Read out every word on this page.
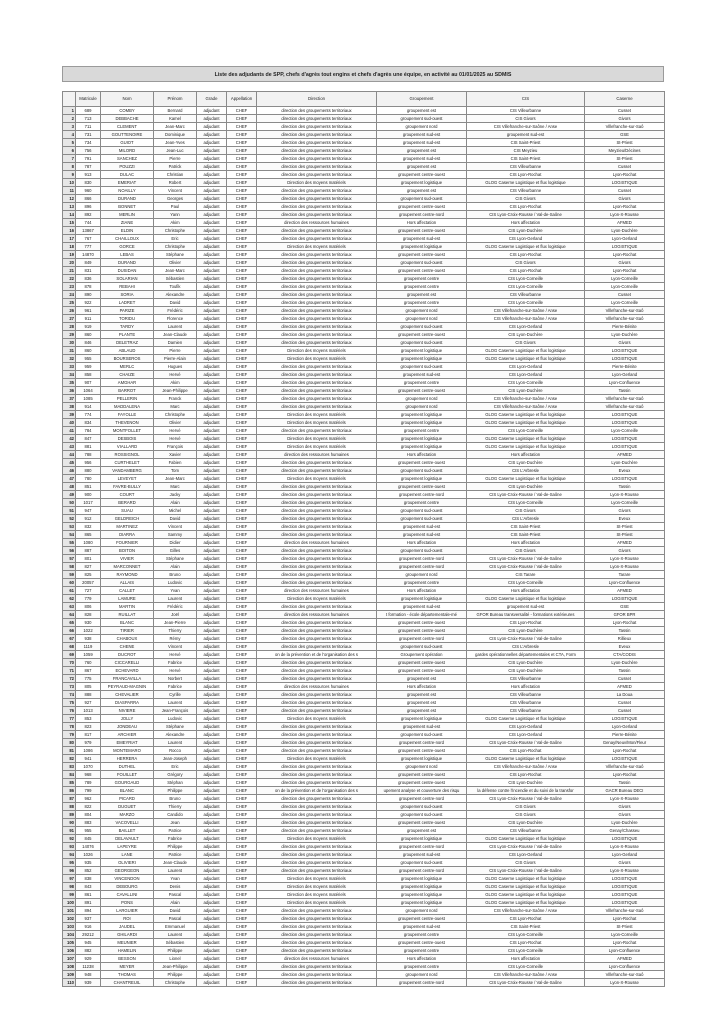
Liste des adjudants de SPP, chefs d'agrès tout engins et chefs d'agrès une équipe, en activité au 01/01/2025 au SDMIS
	Matricule	Nom	Prénom	Grade	Appellation	Direction	Groupement	CIS	Caserne
1	689	COMBY	Bernard	adjudant	CHEF	direction des groupements territoriaux	groupement est	CIS Villeurbanne	Cusset
2	713	DEBBACHE	Kamel	adjudant	CHEF	direction des groupements territoriaux	groupement sud-ouest	CIS Givors	Givors
3	711	CLEMENT	Jean-Marc	adjudant	CHEF	direction des groupements territoriaux	groupement nord	CIS Villefranche-sur-Saône / Anse	Villefranche-sur-Saô
4	731	GOUTTENOIRE	Dominique	adjudant	CHEF	direction des groupements territoriaux	groupement sud-est	groupement sud-est	GSE
5	734	GUIOT	Jean-Yves	adjudant	CHEF	direction des groupements territoriaux	groupement sud-est	CIS Saint-Priest	St-Priest
6	756	MILORD	Jean-Luc	adjudant	CHEF	direction des groupements territoriaux	groupement est	CIS Meyzieu	Meyzieu/Décines
7	791	SANCHEZ	Pierre	adjudant	CHEF	direction des groupements territoriaux	groupement sud-est	CIS Saint-Priest	St-Priest
8	787	POUZZI	Patrick	adjudant	CHEF	direction des groupements territoriaux	groupement est	CIS Villeurbanne	Cusset
9	913	DULAC	Christian	adjudant	CHEF	direction des groupements territoriaux	groupement centre-ouest	CIS Lyon-Rochat	Lyon-Rochat
10	830	EMERIAT	Robert	adjudant	CHEF	Direction des moyens matériels	groupement logistique	GLOG Caserne Logistique et flux logistique	LOGISTIQUE
11	960	NOAILLY	Vincent	adjudant	CHEF	direction des groupements territoriaux	groupement est	CIS Villeurbanne	Cusset
12	866	DURAND	Georges	adjudant	CHEF	direction des groupements territoriaux	groupement sud-ouest	CIS Givors	Givors
13	896	BONNET	Paul	adjudant	CHEF	direction des groupements territoriaux	groupement centre-ouest	CIS Lyon-Rochat	Lyon-Rochat
14	892	MERLIN	Yann	adjudant	CHEF	direction des groupements territoriaux	groupement centre-nord	CIS Lyon-Croix-Rousse / Val-de-Saône	Lyon-X-Rousse
15	744	ZIANE	Akim	adjudant	CHEF	direction des ressources humaines	Hors affectation	Hors affectation	AFMED
16	13867	ELDIN	Christophe	adjudant	CHEF	direction des groupements territoriaux	groupement centre-ouest	CIS Lyon-Duchère	Lyon-Duchère
17	767	CHAILLOUX	Eric	adjudant	CHEF	direction des groupements territoriaux	groupement sud-est	CIS Lyon-Gerland	Lyon-Gerland
18	777	GORCE	Christophe	adjudant	CHEF	Direction des moyens matériels	groupement logistique	GLOG Caserne Logistique et flux logistique	LOGISTIQUE
19	14870	LEBAS	Stéphane	adjudant	CHEF	direction des groupements territoriaux	groupement centre-ouest	CIS Lyon-Rochat	Lyon-Rochat
20	849	DURAND	Olivier	adjudant	CHEF	direction des groupements territoriaux	groupement sud-ouest	CIS Givors	Givors
21	831	DUSIDAN	Jean-Marc	adjudant	CHEF	direction des groupements territoriaux	groupement centre-ouest	CIS Lyon-Rochat	Lyon-Rochat
22	836	SOLARIAN	Sébastien	adjudant	CHEF	direction des groupements territoriaux	groupement centre	CIS Lyon-Corneille	Lyon-Corneille
23	878	REBAHI	Toufik	adjudant	CHEF	direction des groupements territoriaux	groupement centre	CIS Lyon-Corneille	Lyon-Corneille
24	890	SORIA	Alexandre	adjudant	CHEF	direction des groupements territoriaux	groupement est	CIS Villeurbanne	Cusset
25	922	LADRET	David	adjudant	CHEF	direction des groupements territoriaux	groupement centre	CIS Lyon-Corneille	Lyon-Corneille
26	961	PARIZE	Frédéric	adjudant	CHEF	direction des groupements territoriaux	groupement nord	CIS Villefranche-sur-Saône / Anse	Villefranche-sur-Saô
27	911	TORIDU	Florence	adjudant	CHEF	direction des groupements territoriaux	groupement nord	CIS Villefranche-sur-Saône / Anse	Villefranche-sur-Saô
28	919	TARDY	Laurent	adjudant	CHEF	direction des groupements territoriaux	groupement sud-ouest	CIS Lyon-Gerland	Pierre-Bénite
29	860	PLANTE	Jean-Claude	adjudant	CHEF	direction des groupements territoriaux	groupement centre-ouest	CIS Lyon-Duchère	Lyon-Duchère
30	846	DELETRAZ	Damien	adjudant	CHEF	direction des groupements territoriaux	groupement sud-ouest	CIS Givors	Givors
31	860	ABLAUD	Pierre	adjudant	CHEF	Direction des moyens matériels	groupement logistique	GLOG Caserne Logistique et flux logistique	LOGISTIQUE
32	955	BOURSEROS	Pierre-Alain	adjudant	CHEF	Direction des moyens matériels	groupement logistique	GLOG Caserne Logistique et flux logistique	LOGISTIQUE
33	959	MERLC	Hugues	adjudant	CHEF	direction des groupements territoriaux	groupement sud-ouest	CIS Lyon-Gerland	Pierre-Bénite
34	858	CHAIZE	Hervé	adjudant	CHEF	direction des groupements territoriaux	groupement sud-est	CIS Lyon-Gerland	Lyon-Gerland
35	907	AMGHAR	Akim	adjudant	CHEF	direction des groupements territoriaux	groupement centre	CIS Lyon-Corneille	Lyon-Confluence
36	1064	BARROT	Jean-Philippe	adjudant	CHEF	direction des groupements territoriaux	groupement centre-ouest	CIS Lyon-Duchère	Tassin
37	1085	PELLERIN	Franck	adjudant	CHEF	direction des groupements territoriaux	groupement nord	CIS Villefranche-sur-Saône / Anse	Villefranche-sur-Saô
38	914	MADDALENA	Marc	adjudant	CHEF	direction des groupements territoriaux	groupement nord	CIS Villefranche-sur-Saône / Anse	Villefranche-sur-Saô
39	774	FAYOLLE	Christophe	adjudant	CHEF	Direction des moyens matériels	groupement logistique	GLOG Caserne Logistique et flux logistique	LOGISTIQUE
40	834	THEVENON	Olivier	adjudant	CHEF	Direction des moyens matériels	groupement logistique	GLOG Caserne Logistique et flux logistique	LOGISTIQUE
41	784	MONTFOLLET	Hervé	adjudant	CHEF	direction des groupements territoriaux	groupement centre	CIS Lyon-Corneille	Lyon-Corneille
42	847	DESBOIS	Hervé	adjudant	CHEF	Direction des moyens matériels	groupement logistique	GLOG Caserne Logistique et flux logistique	LOGISTIQUE
43	881	VIALLARD	François	adjudant	CHEF	Direction des moyens matériels	groupement logistique	GLOG Caserne Logistique et flux logistique	LOGISTIQUE
44	788	ROSSIGNOL	Xavier	adjudant	CHEF	direction des ressources humaines	Hors affectation	Hors affectation	AFMED
45	956	CURTHELET	Fabien	adjudant	CHEF	direction des groupements territoriaux	groupement centre-ouest	CIS Lyon-Duchère	Lyon-Duchère
46	880	VANDAMBERG	Tom	adjudant	CHEF	direction des groupements territoriaux	groupement sud-ouest	CIS L'Arbresle	Eveux
47	780	LEVEYET	Jean-Marc	adjudant	CHEF	Direction des moyens matériels	groupement logistique	GLOG Caserne Logistique et flux logistique	LOGISTIQUE
48	851	FAVRE-BULLY	Marc	adjudant	CHEF	direction des groupements territoriaux	groupement centre-ouest	CIS Lyon-Duchère	Tassin
49	900	COURT	Jacky	adjudant	CHEF	direction des groupements territoriaux	groupement centre-nord	CIS Lyon-Croix-Rousse / Val-de-Saône	Lyon-X-Rousse
50	1017	BERARD	Alain	adjudant	CHEF	direction des groupements territoriaux	groupement centre	CIS Lyon-Corneille	Lyon-Corneille
51	947	SUAU	Michel	adjudant	CHEF	direction des groupements territoriaux	groupement sud-ouest	CIS Givors	Givors
52	912	GELDREICH	David	adjudant	CHEF	direction des groupements territoriaux	groupement sud-ouest	CIS L'Arbresle	Eveux
53	832	MARTINEZ	Vincent	adjudant	CHEF	direction des groupements territoriaux	groupement sud-est	CIS Saint-Priest	St-Priest
54	865	DIARRA	Sammy	adjudant	CHEF	direction des groupements territoriaux	groupement sud-est	CIS Saint-Priest	St-Priest
55	1080	FOURNIER	Didier	adjudant	CHEF	direction des ressources humaines	Hors affectation	Hors affectation	AFMED
56	887	BOITON	Gilles	adjudant	CHEF	direction des groupements territoriaux	groupement sud-ouest	CIS Givors	Givors
57	801	VIVIER	Stéphane	adjudant	CHEF	direction des groupements territoriaux	groupement centre-nord	CIS Lyon-Croix-Rousse / Val-de-Saône	Lyon-X-Rousse
58	827	MARCONNET	Alain	adjudant	CHEF	direction des groupements territoriaux	groupement centre-nord	CIS Lyon-Croix-Rousse / Val-de-Saône	Lyon-X-Rousse
59	825	RAYMOND	Bruno	adjudant	CHEF	direction des groupements territoriaux	groupement nord	CIS Tarare	Tarare
60	20057	ALLAIS	Ludovic	adjudant	CHEF	direction des groupements territoriaux	groupement centre	CIS Lyon-Corneille	Lyon-Confluence
61	727	CALLET	Yvan	adjudant	CHEF	direction des ressources humaines	Hors affectation	Hors affectation	AFMED
62	779	LAMURE	Laurent	adjudant	CHEF	Direction des moyens matériels	groupement logistique	GLOG Caserne Logistique et flux logistique	LOGISTIQUE
63	806	MARTIN	Frédéric	adjudant	CHEF	direction des groupements territoriaux	groupement sud-est	groupement sud-est	GSE
64	828	RUILLAT	Joël	adjudant	CHEF	direction des ressources humaines	t formation - école départementale-mé	GFOR Bureau transversalité - formations extérieures	GFOR BPR
65	930	BLANC	Jean-Pierre	adjudant	CHEF	direction des groupements territoriaux	groupement centre-ouest	CIS Lyon-Rochat	Lyon-Rochat
66	1022	TIRIER	Thierry	adjudant	CHEF	direction des groupements territoriaux	groupement centre-ouest	CIS Lyon-Duchère	Tassin
67	938	CHABOUX	Rémy	adjudant	CHEF	direction des groupements territoriaux	groupement centre-nord	CIS Lyon-Croix-Rousse / Val-de-Saône	Rillieux
68	1119	CHENE	Vincent	adjudant	CHEF	direction des groupements territoriaux	groupement sud-ouest	CIS L'Arbresle	Eveux
69	1059	DUCROT	Hervé	adjudant	CHEF	on de la prévention et de l'organisation des s	Groupement opération	gardes opérationnelles départementales et CTA, Form	CTA/CODIS
70	760	CICCARELLI	Fabrice	adjudant	CHEF	direction des groupements territoriaux	groupement centre-ouest	CIS Lyon-Duchère	Lyon-Duchère
71	867	ECHEVARD	Hervé	adjudant	CHEF	direction des groupements territoriaux	groupement centre-ouest	CIS Lyon-Duchère	Tassin
72	775	FRANCAVILLA	Norbert	adjudant	CHEF	direction des groupements territoriaux	groupement est	CIS Villeurbanne	Cusset
73	805	PEYRAUD-MAGNIN	Fabrice	adjudant	CHEF	direction des ressources humaines	Hors affectation	Hors affectation	AFMED
74	888	CHEVALIER	Cyrille	adjudant	CHEF	direction des groupements territoriaux	groupement est	CIS Villeurbanne	La Doua
75	927	DIASPARRA	Laurent	adjudant	CHEF	direction des groupements territoriaux	groupement est	CIS Villeurbanne	Cusset
76	1013	NIVIERE	Jean-François	adjudant	CHEF	direction des groupements territoriaux	groupement est	CIS Villeurbanne	Cusset
77	853	JOLLY	Ludovic	adjudant	CHEF	Direction des moyens matériels	groupement logistique	GLOG Caserne Logistique et flux logistique	LOGISTIQUE
78	823	JONDEAU	Stéphane	adjudant	CHEF	direction des groupements territoriaux	groupement sud-est	CIS Lyon-Gerland	Lyon-Gerland
79	817	ARCHIER	Alexandre	adjudant	CHEF	direction des groupements territoriaux	groupement sud-ouest	CIS Lyon-Gerland	Pierre-Bénite
80	979	EMEYRIAT	Laurent	adjudant	CHEF	direction des groupements territoriaux	groupement centre-nord	CIS Lyon-Croix-Rousse / Val-de-Saône	Genay/Neuv/Mon/Fleur
81	1086	MONTEMARO	Rocco	adjudant	CHEF	direction des groupements territoriaux	groupement centre-ouest	CIS Lyon-Rochat	Lyon-Rochat
82	941	HERRERA	Jean-Joseph	adjudant	CHEF	Direction des moyens matériels	groupement logistique	GLOG Caserne Logistique et flux logistique	LOGISTIQUE
83	1070	DUTHEL	Eric	adjudant	CHEF	direction des groupements territoriaux	groupement nord	CIS Villefranche-sur-Saône / Anse	Villefranche-sur-Saô
84	968	FOUILLET	Grégory	adjudant	CHEF	direction des groupements territoriaux	groupement centre-ouest	CIS Lyon-Rochat	Lyon-Rochat
85	789	GOURGAUD	Stéphan	adjudant	CHEF	direction des groupements territoriaux	groupement centre-ouest	CIS Lyon-Duchère	Tassin
86	799	BLANC	Philippe	adjudant	CHEF	on de la prévention et de l'organisation des s	upement analyse et couverture des risqu	la défense contre l'incendie et du suivi de la transfor	GACR Bureau DECI
87	962	PICARD	Bruno	adjudant	CHEF	direction des groupements territoriaux	groupement centre-nord	CIS Lyon-Croix-Rousse / Val-de-Saône	Lyon-X-Rousse
88	822	DUGUET	Thierry	adjudant	CHEF	direction des groupements territoriaux	groupement sud-ouest	CIS Givors	Givors
89	804	MARZO	Candido	adjudant	CHEF	direction des groupements territoriaux	groupement sud-ouest	CIS Givors	Givors
90	883	VACOVELLI	Jean	adjudant	CHEF	direction des groupements territoriaux	groupement centre-ouest	CIS Lyon-Duchère	Lyon-Duchère
91	955	BAILLET	Patrice	adjudant	CHEF	direction des groupements territoriaux	groupement est	CIS Villeurbanne	Genay/Chasseu
92	845	DELAVAULT	Fabrice	adjudant	CHEF	Direction des moyens matériels	groupement logistique	GLOG Caserne Logistique et flux logistique	LOGISTIQUE
93	14076	LAPEYRE	Philippe	adjudant	CHEF	direction des groupements territoriaux	groupement centre-nord	CIS Lyon-Croix-Rousse / Val-de-Saône	Lyon-X-Rousse
94	1026	LANE	Patrice	adjudant	CHEF	direction des groupements territoriaux	groupement sud-est	CIS Lyon-Gerland	Lyon-Gerland
95	935	OLIVIERI	Jean-Claude	adjudant	CHEF	direction des groupements territoriaux	groupement sud-ouest	CIS Givors	Givors
96	852	GEORGEON	Laurent	adjudant	CHEF	direction des groupements territoriaux	groupement centre-nord	CIS Lyon-Croix-Rousse / Val-de-Saône	Lyon-X-Rousse
97	838	VINCENDON	Yvan	adjudant	CHEF	Direction des moyens matériels	groupement logistique	GLOG Caserne Logistique et flux logistique	LOGISTIQUE
98	843	DEBOURG	Denis	adjudant	CHEF	Direction des moyens matériels	groupement logistique	GLOG Caserne Logistique et flux logistique	LOGISTIQUE
99	861	CAVALLINI	Pascal	adjudant	CHEF	Direction des moyens matériels	groupement logistique	GLOG Caserne Logistique et flux logistique	LOGISTIQUE
100	891	PONS	Alain	adjudant	CHEF	Direction des moyens matériels	groupement logistique	GLOG Caserne Logistique et flux logistique	LOGISTIQUE
101	894	LARGUIER	David	adjudant	CHEF	direction des groupements territoriaux	groupement nord	CIS Villefranche-sur-Saône / Anse	Villefranche-sur-Saô
102	937	ROI	Pascal	adjudant	CHEF	direction des groupements territoriaux	groupement centre-ouest	CIS Lyon-Rochat	Lyon-Rochat
103	916	JAUDEL	Emmanuel	adjudant	CHEF	direction des groupements territoriaux	groupement sud-est	CIS Saint-Priest	St-Priest
104	29212	GHILARDI	Laurent	adjudant	CHEF	direction des groupements territoriaux	groupement centre	CIS Lyon-Corneille	Lyon-Corneille
105	945	MEUNIER	Sébastien	adjudant	CHEF	direction des groupements territoriaux	groupement centre-ouest	CIS Lyon-Rochat	Lyon-Rochat
106	882	HAMELIN	Philippe	adjudant	CHEF	direction des groupements territoriaux	groupement centre	CIS Lyon-Corneille	Lyon-Confluence
107	929	BESSON	Lionel	adjudant	CHEF	direction des ressources humaines	Hors affectation	Hors affectation	AFMED
108	11238	MEYER	Jean-Philippe	adjudant	CHEF	direction des groupements territoriaux	groupement centre	CIS Lyon-Corneille	Lyon-Confluence
109	948	THOMAS	Philippe	adjudant	CHEF	direction des groupements territoriaux	groupement nord	CIS Villefranche-sur-Saône / Anse	Villefranche-sur-Saô
110	939	CHANTREUIL	Christophe	adjudant	CHEF	direction des groupements territoriaux	groupement centre-nord	CIS Lyon-Croix-Rousse / Val-de-Saône	Lyon-X-Rousse
